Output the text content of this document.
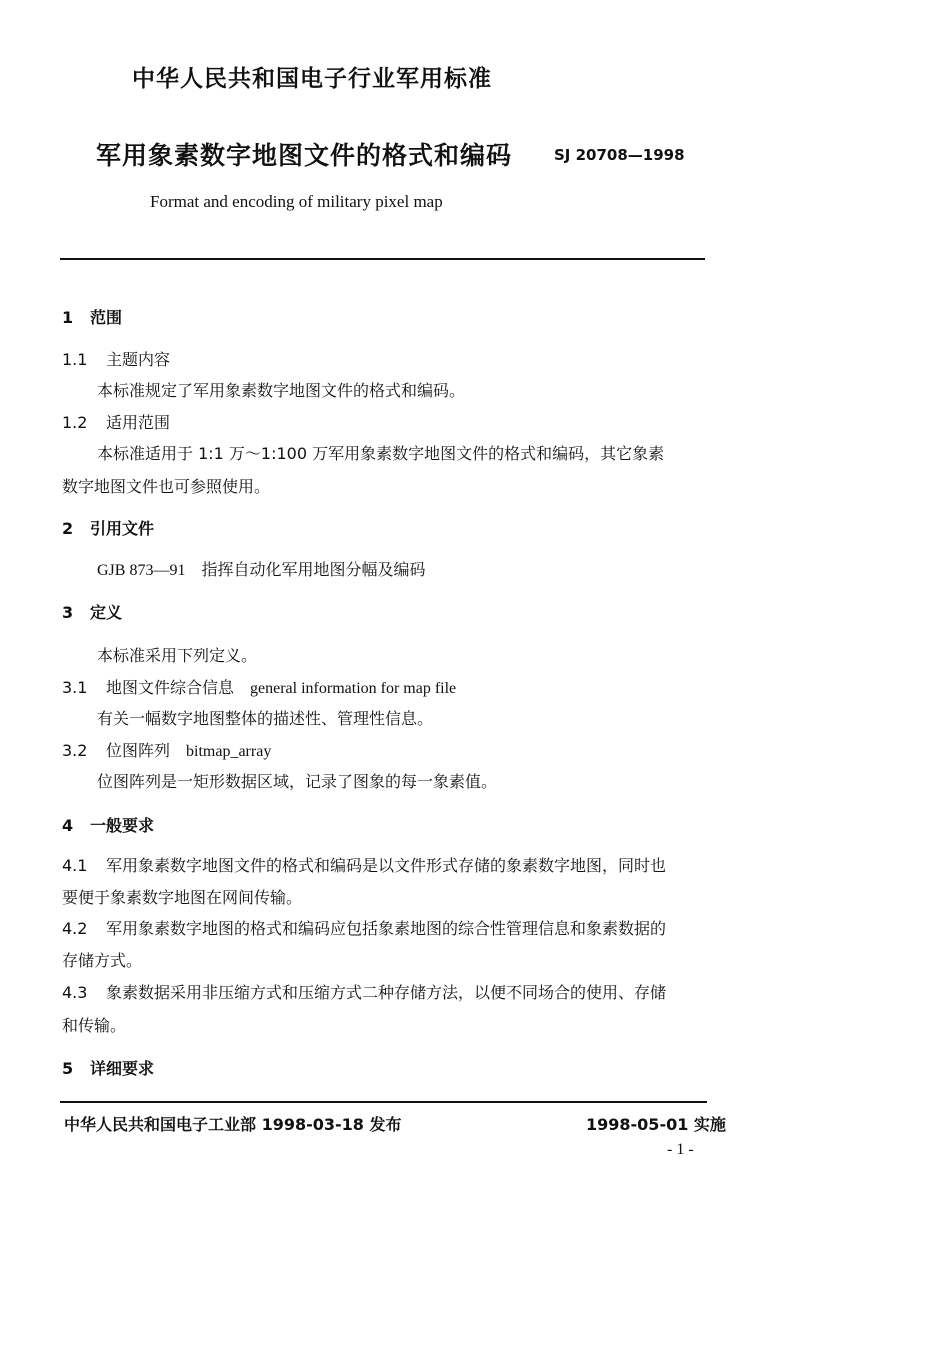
中华人民共和国电子行业军用标准
军用象素数字地图文件的格式和编码	SJ 20708—1998
Format and encoding of military pixel map
1 范围
1.1 主题内容
本标准规定了军用象素数字地图文件的格式和编码。
1.2 适用范围
本标准适用于 1:1 万～1:100 万军用象素数字地图文件的格式和编码，其它象素
数字地图文件也可参照使用。
2 引用文件
GJB 873—91 指挥自动化军用地图分幅及编码
3 定义
本标准采用下列定义。
3.1 地图文件综合信息 general information for map file
有关一幅数字地图整体的描述性、管理性信息。
3.2 位图阵列 bitmap_array
位图阵列是一矩形数据区域，记录了图象的每一象素值。
4 一般要求
4.1 军用象素数字地图文件的格式和编码是以文件形式存储的象素数字地图，同时也
要便于象素数字地图在网间传输。
4.2 军用象素数字地图的格式和编码应包括象素地图的综合性管理信息和象素数据的
存储方式。
4.3 象素数据采用非压缩方式和压缩方式二种存储方法，以便不同场合的使用、存储
和传输。
5 详细要求
中华人民共和国电子工业部 1998-03-18 发布	1998-05-01 实施
- 1 -
